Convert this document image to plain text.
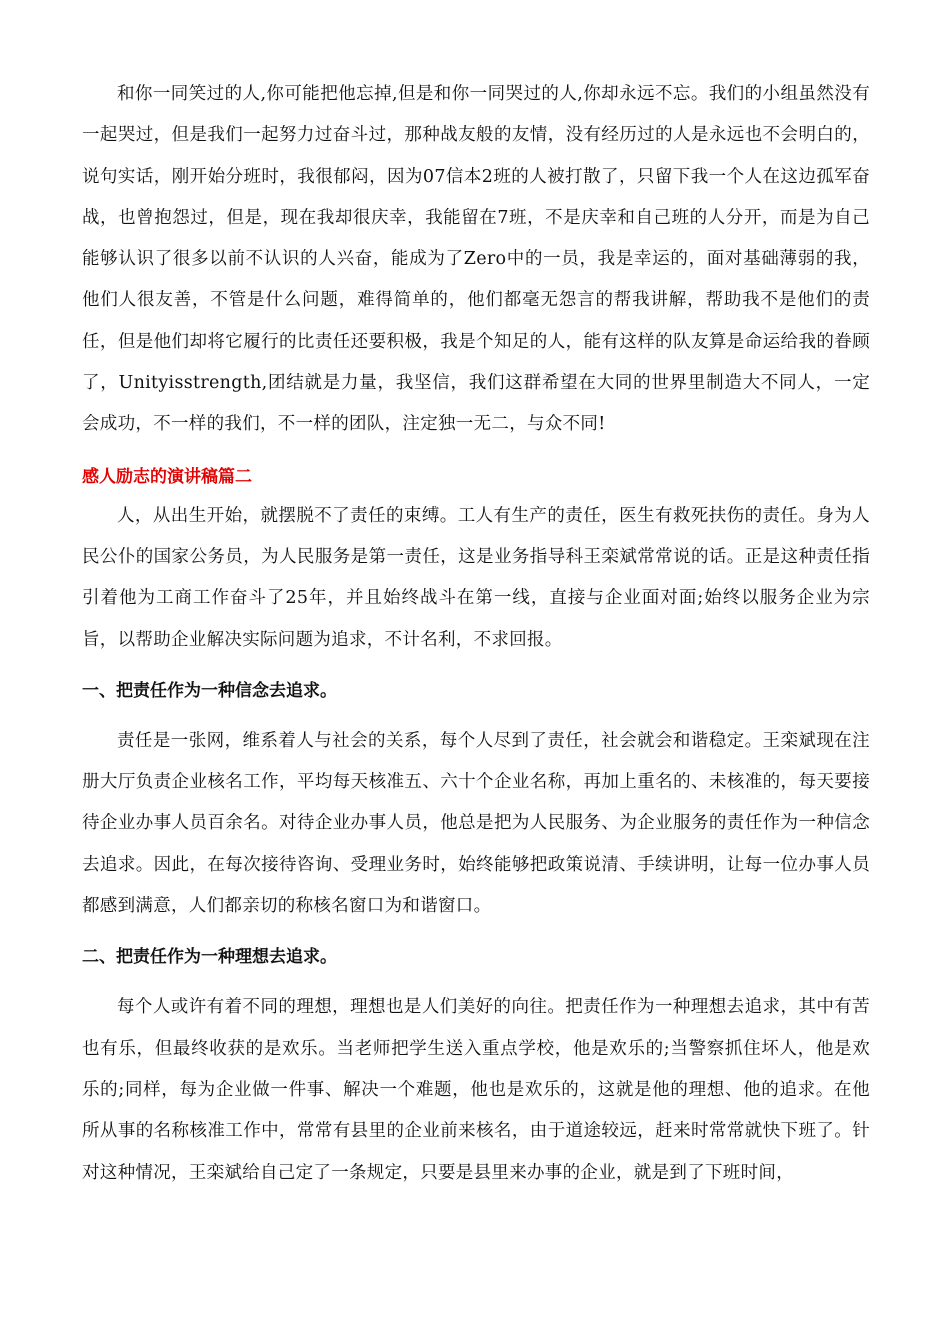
和你一同笑过的人,你可能把他忘掉,但是和你一同哭过的人,你却永远不忘。我们的小组虽然没有一起哭过，但是我们一起努力过奋斗过，那种战友般的友情，没有经历过的人是永远也不会明白的，说句实话，刚开始分班时，我很郁闷，因为07信本2班的人被打散了，只留下我一个人在这边孤军奋战，也曾抱怨过，但是，现在我却很庆幸，我能留在7班，不是庆幸和自己班的人分开，而是为自己能够认识了很多以前不认识的人兴奋，能成为了Zero中的一员，我是幸运的，面对基础薄弱的我，他们人很友善，不管是什么问题，难得简单的，他们都毫无怨言的帮我讲解，帮助我不是他们的责任，但是他们却将它履行的比责任还要积极，我是个知足的人，能有这样的队友算是命运给我的眷顾了，Unityisstrength,团结就是力量，我坚信，我们这群希望在大同的世界里制造大不同人，一定会成功，不一样的我们，不一样的团队，注定独一无二，与众不同!

感人励志的演讲稿篇二

人，从出生开始，就摆脱不了责任的束缚。工人有生产的责任，医生有救死扶伤的责任。身为人民公仆的国家公务员，为人民服务是第一责任，这是业务指导科王栾斌常常说的话。正是这种责任指引着他为工商工作奋斗了25年，并且始终战斗在第一线，直接与企业面对面;始终以服务企业为宗旨，以帮助企业解决实际问题为追求，不计名利，不求回报。

一、把责任作为一种信念去追求。

责任是一张网，维系着人与社会的关系，每个人尽到了责任，社会就会和谐稳定。王栾斌现在注册大厅负责企业核名工作，平均每天核准五、六十个企业名称，再加上重名的、未核准的，每天要接待企业办事人员百余名。对待企业办事人员，他总是把为人民服务、为企业服务的责任作为一种信念去追求。因此，在每次接待咨询、受理业务时，始终能够把政策说清、手续讲明，让每一位办事人员都感到满意，人们都亲切的称核名窗口为和谐窗口。

二、把责任作为一种理想去追求。

每个人或许有着不同的理想，理想也是人们美好的向往。把责任作为一种理想去追求，其中有苦也有乐，但最终收获的是欢乐。当老师把学生送入重点学校，他是欢乐的;当警察抓住坏人，他是欢乐的;同样，每为企业做一件事、解决一个难题，他也是欢乐的，这就是他的理想、他的追求。在他所从事的名称核准工作中，常常有县里的企业前来核名，由于道途较远，赶来时常常就快下班了。针对这种情况，王栾斌给自己定了一条规定，只要是县里来办事的企业，就是到了下班时间，
